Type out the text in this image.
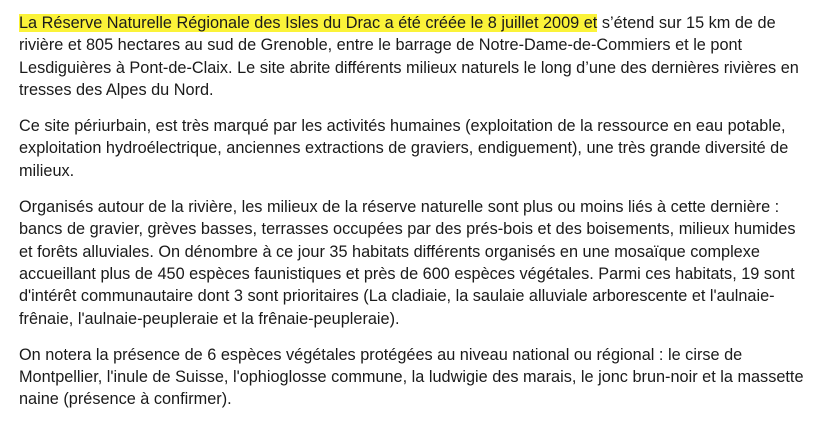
La Réserve Naturelle Régionale des Isles du Drac a été créée le 8 juillet 2009 et s’étend sur 15 km de de rivière et 805 hectares au sud de Grenoble, entre le barrage de Notre-Dame-de-Commiers et le pont Lesdiguières à Pont-de-Claix. Le site abrite différents milieux naturels le long d’une des dernières rivières en tresses des Alpes du Nord.

Ce site périurbain, est très marqué par les activités humaines (exploitation de la ressource en eau potable, exploitation hydroélectrique, anciennes extractions de graviers, endiguement), une très grande diversité de milieux.

Organisés autour de la rivière, les milieux de la réserve naturelle sont plus ou moins liés à cette dernière : bancs de gravier, grèves basses, terrasses occupées par des prés-bois et des boisements, milieux humides et forêts alluviales. On dénombre à ce jour 35 habitats différents organisés en une mosaïque complexe accueillant plus de 450 espèces faunistiques et près de 600 espèces végétales. Parmi ces habitats, 19 sont d'intérêt communautaire dont 3 sont prioritaires (La cladiaie, la saulaie alluviale arborescente et l'aulnaie-frênaie, l'aulnaie-peupleraie et la frênaie-peupleraie).

On notera la présence de 6 espèces végétales protégées au niveau national ou régional : le cirse de Montpellier, l'inule de Suisse, l'ophioglosse commune, la ludwigie des marais, le jonc brun-noir et la massette naine (présence à confirmer).
